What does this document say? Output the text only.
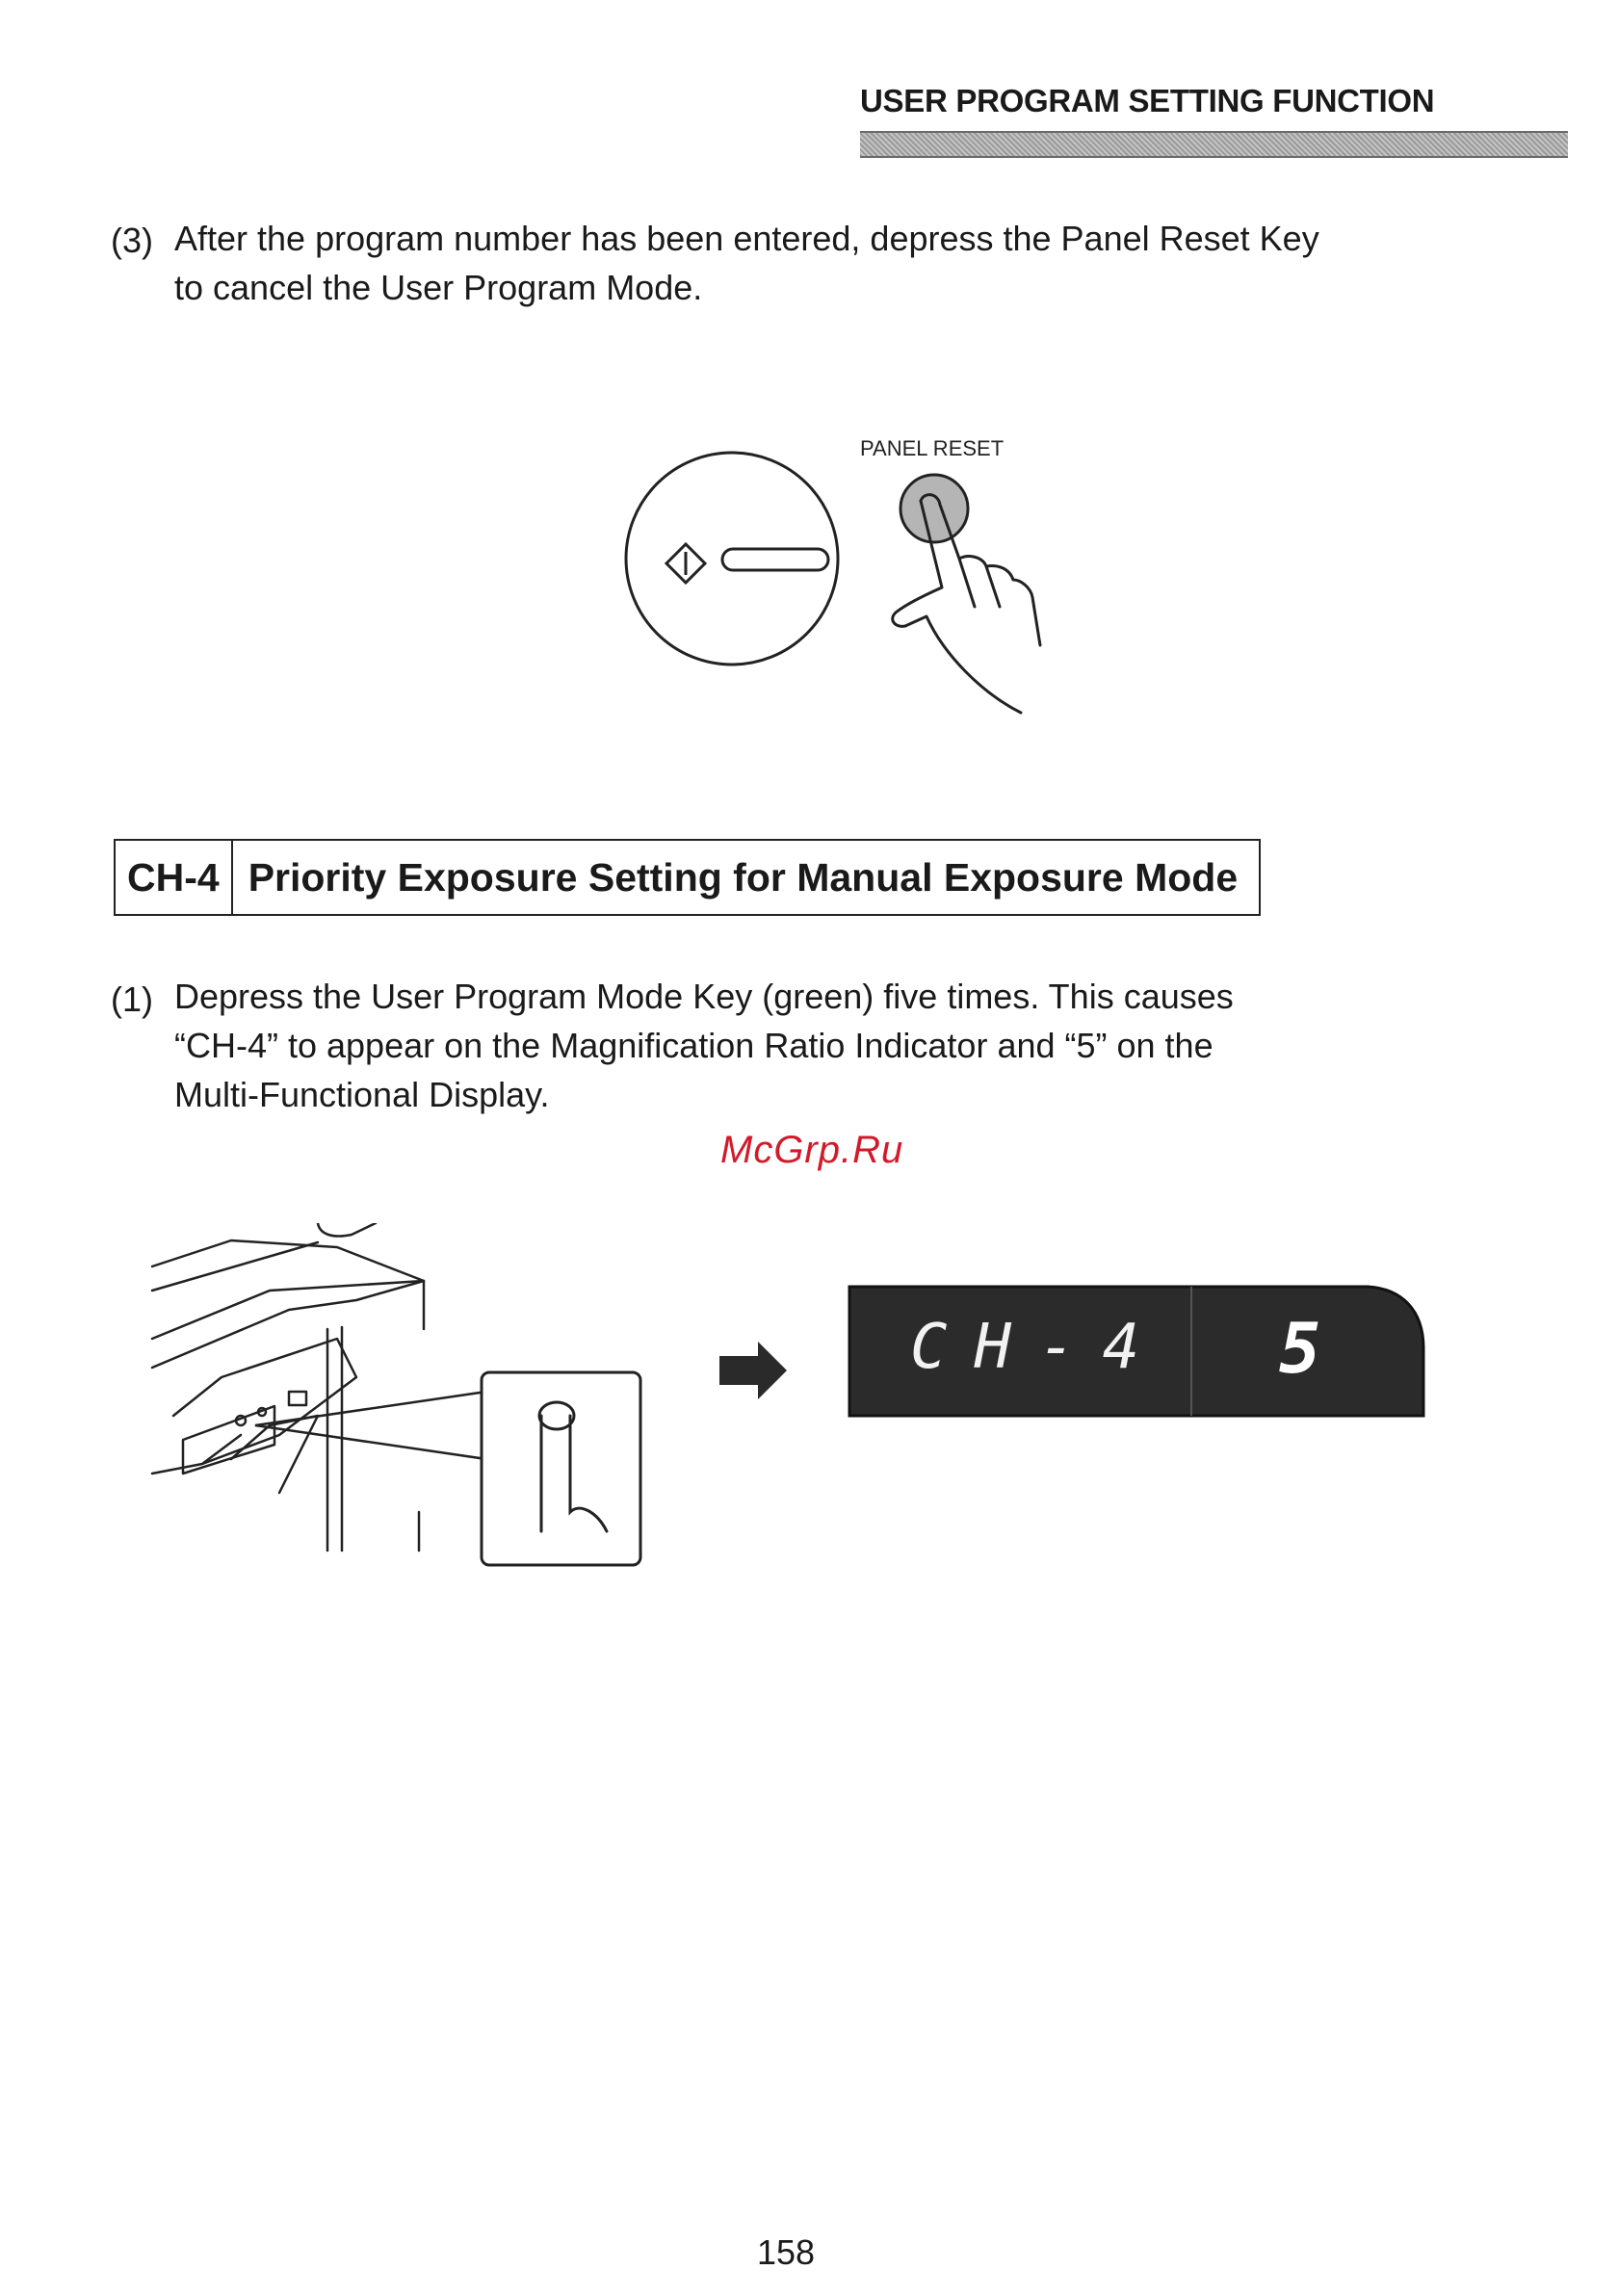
USER PROGRAM SETTING FUNCTION
(3) After the program number has been entered, depress the Panel Reset Key
to cancel the User Program Mode.
PANEL RESET
CH-4 Priority Exposure Setting for Manual Exposure Mode
(1) Depress the User Program Mode Key (green) five times. This causes
“CH-4” to appear on the Magnification Ratio Indicator and “5” on the
Multi-Functional Display.
McGrp.Ru
CH-4 5
158
